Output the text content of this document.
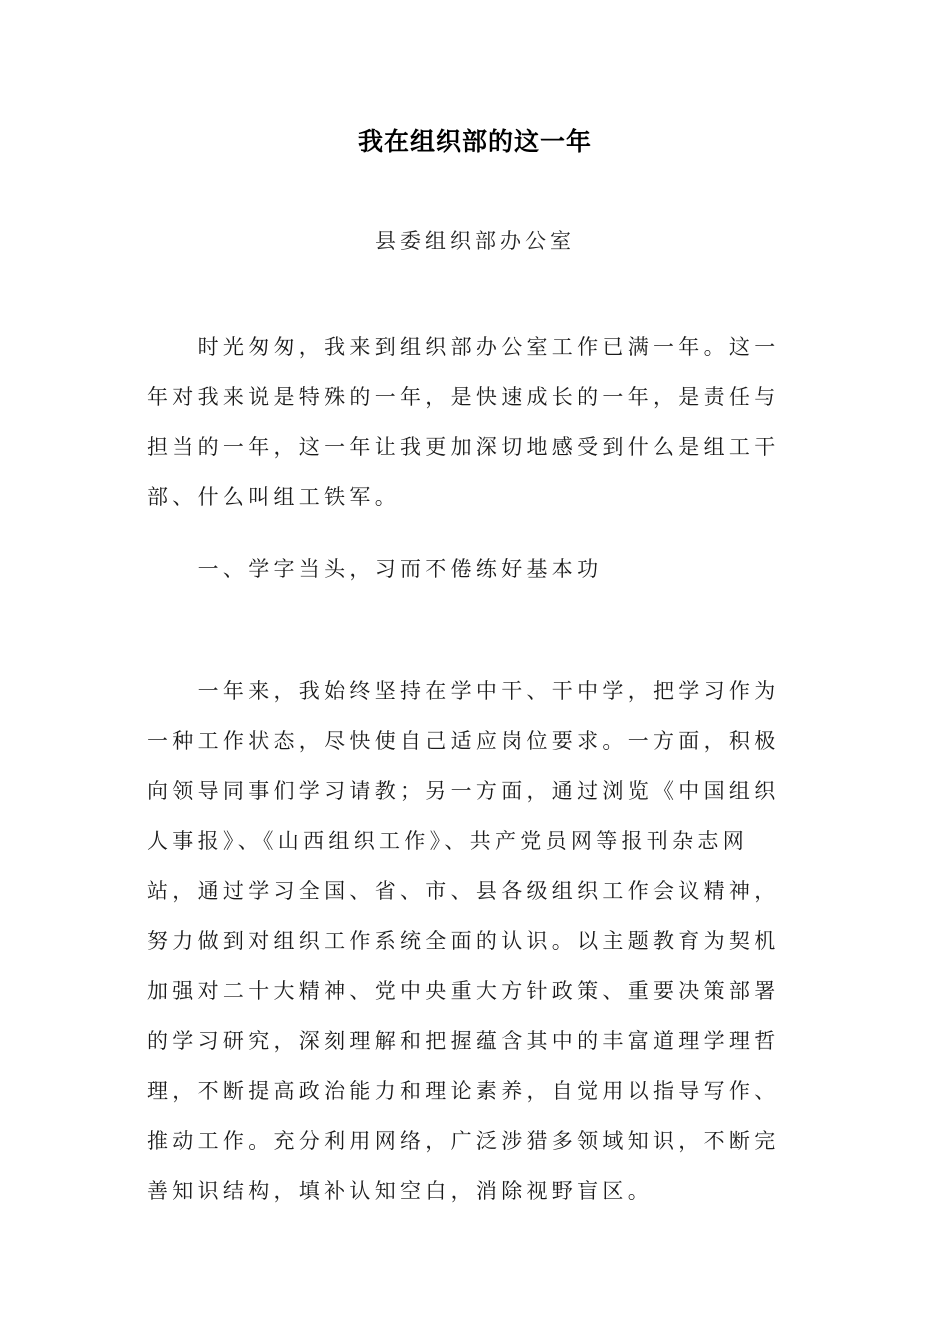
我在组织部的这一年
县委组织部办公室
　　时光匆匆，我来到组织部办公室工作已满一年。这一
年对我来说是特殊的一年，是快速成长的一年，是责任与
担当的一年，这一年让我更加深切地感受到什么是组工干
部、什么叫组工铁军。
　　一、学字当头，习而不倦练好基本功
　　一年来，我始终坚持在学中干、干中学，把学习作为
一种工作状态，尽快使自己适应岗位要求。一方面，积极
向领导同事们学习请教；另一方面，通过浏览《中国组织
人事报》、《山西组织工作》、共产党员网等报刊杂志网
站，通过学习全国、省、市、县各级组织工作会议精神，
努力做到对组织工作系统全面的认识。以主题教育为契机
加强对二十大精神、党中央重大方针政策、重要决策部署
的学习研究，深刻理解和把握蕴含其中的丰富道理学理哲
理，不断提高政治能力和理论素养，自觉用以指导写作、
推动工作。充分利用网络，广泛涉猎多领域知识，不断完
善知识结构，填补认知空白，消除视野盲区。
